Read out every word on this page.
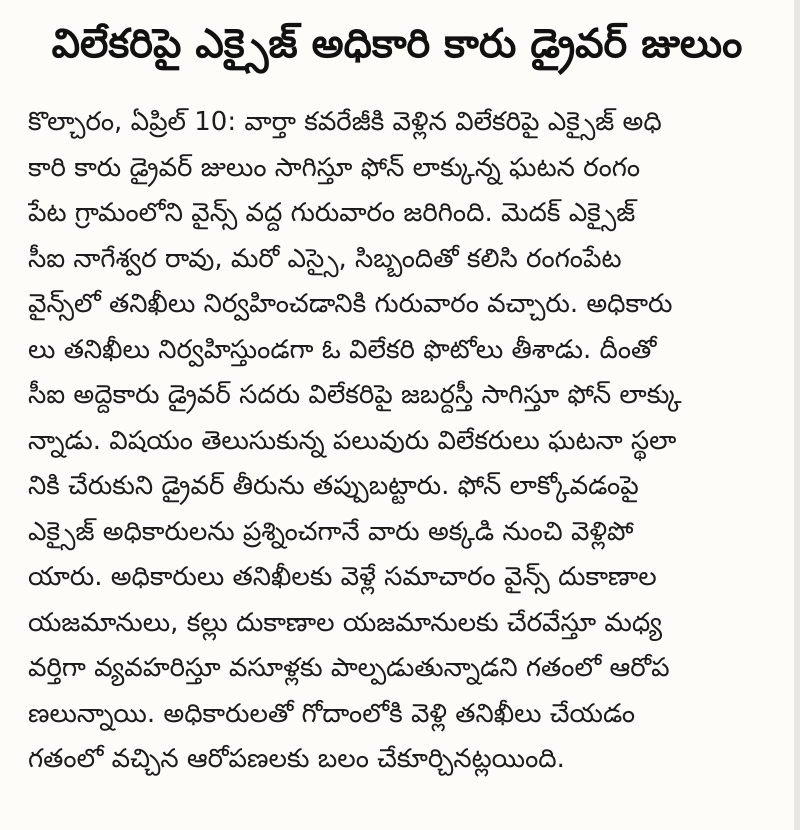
విలేకరిపై ఎక్సైజ్ అధికారి కారు డ్రైవర్ జులుం
కొల్చారం, ఏప్రిల్ 10: వార్తా కవరేజీకి వెళ్లిన విలేకరిపై ఎక్సైజ్ అధి
కారి కారు డ్రైవర్ జులుం సాగిస్తూ ఫోన్ లాక్కున్న ఘటన రంగం
పేట గ్రామంలోని వైన్స్ వద్ద గురువారం జరిగింది. మెదక్ ఎక్సైజ్
సీఐ నాగేశ్వర రావు, మరో ఎస్సై, సిబ్బందితో కలిసి రంగంపేట
వైన్స్‌లో తనిఖీలు నిర్వహించడానికి గురువారం వచ్చారు. అధికారు
లు తనిఖీలు నిర్వహిస్తుండగా ఓ విలేకరి ఫొటోలు తీశాడు. దీంతో
సీఐ అద్దెకారు డ్రైవర్ సదరు విలేకరిపై జబర్దస్తీ సాగిస్తూ ఫోన్ లాక్కు
న్నాడు. విషయం తెలుసుకున్న పలువురు విలేకరులు ఘటనా స్థలా
నికి చేరుకుని డ్రైవర్ తీరును తప్పుబట్టారు. ఫోన్ లాక్కోవడంపై
ఎక్సైజ్ అధికారులను ప్రశ్నించగానే వారు అక్కడి నుంచి వెళ్లిపో
యారు. అధికారులు తనిఖీలకు వెళ్లే సమాచారం వైన్స్ దుకాణాల
యజమానులు, కల్లు దుకాణాల యజమానులకు చేరవేస్తూ మధ్య
వర్తిగా వ్యవహరిస్తూ వసూళ్లకు పాల్పడుతున్నాడని గతంలో ఆరోప
ణలున్నాయి. అధికారులతో గోదాంలోకి వెళ్లి తనిఖీలు చేయడం
గతంలో వచ్చిన ఆరోపణలకు బలం చేకూర్చినట్లయింది.
